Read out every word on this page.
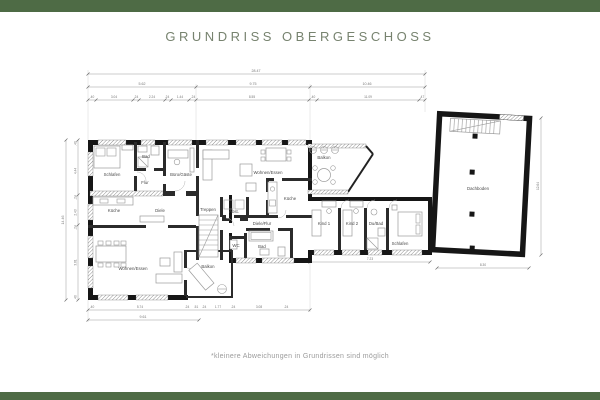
GRUNDRISS OBERGESCHOSS
*kleinere Abweichungen in Grundrissen sind möglich
28.47
5.62	9.75	10.46
.40	3.04	.24	2.24	.24 1.44 .24	8.55	.40	11.09	.47
14.46
.40
4.44
.24
2.43
.24
3.81
.40
.40	5.74	.24 .51 .24	1.77	.24	3.08	.24
9.61
7.23
8.30
12.64
Schlafen
Bad
Flur
Büro/Gäste	Wohnen/Essen
Küche
Balkon
Küche	Diele	Treppen	Abst.
Wohnen/Essen	Balkon
WC	Bad
Diele/Flur	Kind 1	Kind 2 Du/Bad
Schlafen
Dachboden
